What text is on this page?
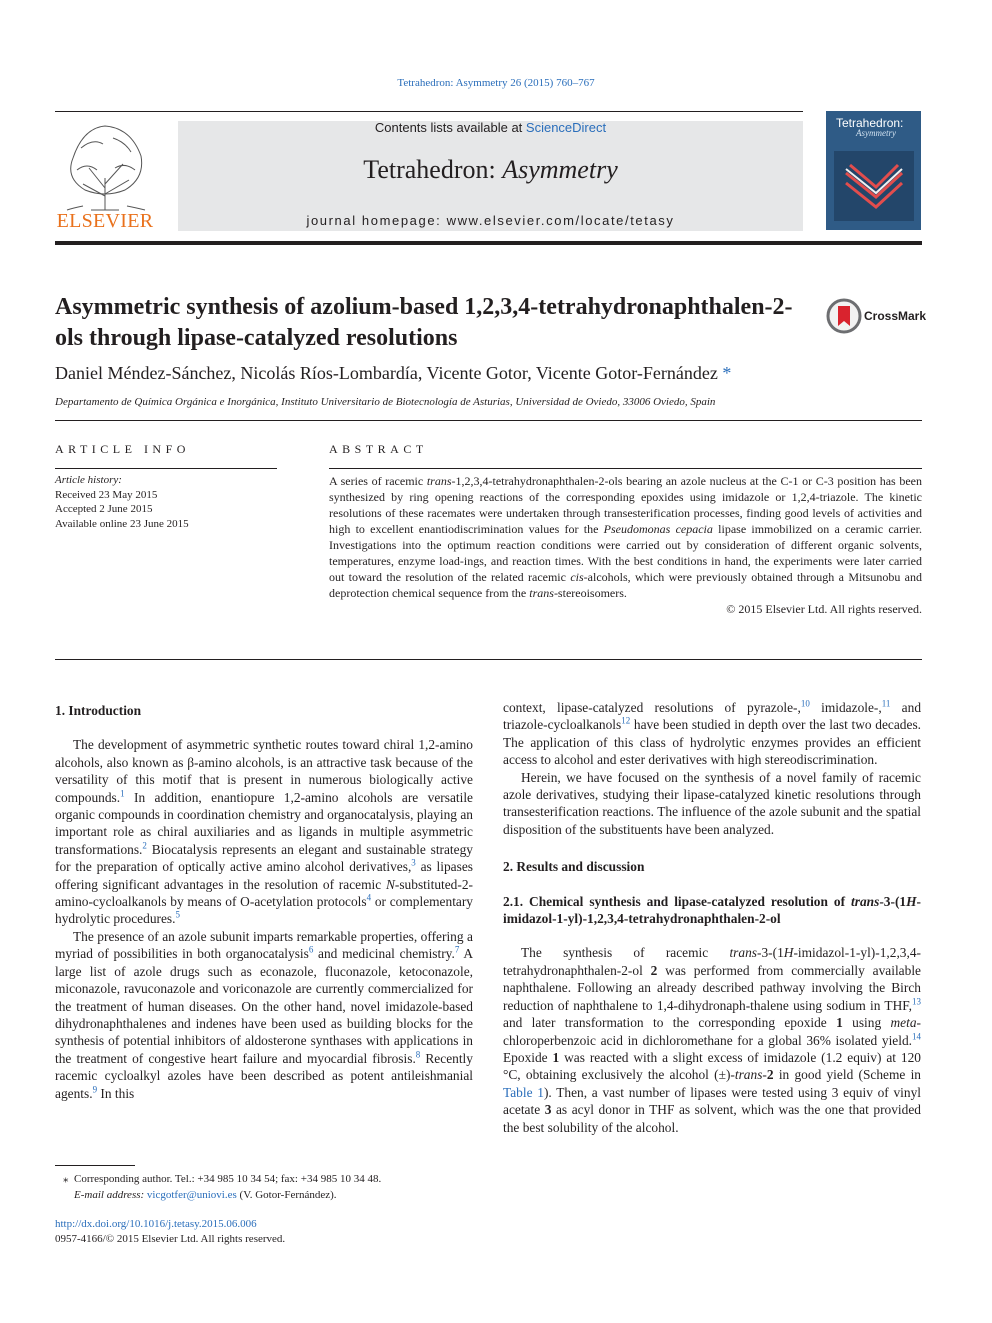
Tetrahedron: Asymmetry 26 (2015) 760–767
Contents lists available at ScienceDirect
Tetrahedron: Asymmetry
journal homepage: www.elsevier.com/locate/tetasy
ELSEVIER
Tetrahedron:
Asymmetry
Asymmetric synthesis of azolium-based 1,2,3,4-tetrahydronaphthalen-2-ols through lipase-catalyzed resolutions
CrossMark
Daniel Méndez-Sánchez, Nicolás Ríos-Lombardía, Vicente Gotor, Vicente Gotor-Fernández *
Departamento de Química Orgánica e Inorgánica, Instituto Universitario de Biotecnología de Asturias, Universidad de Oviedo, 33006 Oviedo, Spain
ARTICLE INFO	ABSTRACT
Article history:
Received 23 May 2015
Accepted 2 June 2015
Available online 23 June 2015
A series of racemic trans-1,2,3,4-tetrahydronaphthalen-2-ols bearing an azole nucleus at the C-1 or C-3 position has been synthesized by ring opening reactions of the corresponding epoxides using imidazole or 1,2,4-triazole. The kinetic resolutions of these racemates were undertaken through transesterification processes, finding good levels of activities and high to excellent enantiodiscrimination values for the Pseudomonas cepacia lipase immobilized on a ceramic carrier. Investigations into the optimum reaction conditions were carried out by consideration of different organic solvents, temperatures, enzyme load-ings, and reaction times. With the best conditions in hand, the experiments were later carried out toward the resolution of the related racemic cis-alcohols, which were previously obtained through a Mitsunobu and deprotection chemical sequence from the trans-stereoisomers.
© 2015 Elsevier Ltd. All rights reserved.
1. Introduction

The development of asymmetric synthetic routes toward chiral 1,2-amino alcohols, also known as β-amino alcohols, is an attractive task because of the versatility of this motif that is present in numerous biologically active compounds.$^1$ In addition, enantiopure 1,2-amino alcohols are versatile organic compounds in coordination chemistry and organocatalysis, playing an important role as chiral auxiliaries and as ligands in multiple asymmetric transformations.$^2$ Biocatalysis represents an elegant and sustainable strategy for the preparation of optically active amino alcohol derivatives,$^3$ as lipases offering significant advantages in the resolution of racemic N-substituted-2-amino-cycloalkanols by means of O-acetylation protocols$^4$ or complementary hydrolytic procedures.$^5$

The presence of an azole subunit imparts remarkable properties, offering a myriad of possibilities in both organocatalysis$^6$ and medicinal chemistry.$^7$ A large list of azole drugs such as econazole, fluconazole, ketoconazole, miconazole, ravuconazole and voriconazole are currently commercialized for the treatment of human diseases. On the other hand, novel imidazole-based dihydronaphthalenes and indenes have been used as building blocks for the synthesis of potential inhibitors of aldosterone synthases with applications in the treatment of congestive heart failure and myocardial fibrosis.$^8$ Recently racemic cycloalkyl azoles have been described as potent antileishmanial agents.$^9$ In this

context, lipase-catalyzed resolutions of pyrazole-,$^{10}$ imidazole-,$^{11}$ and triazole-cycloalkanols$^{12}$ have been studied in depth over the last two decades. The application of this class of hydrolytic enzymes provides an efficient access to alcohol and ester derivatives with high stereodiscrimination.

Herein, we have focused on the synthesis of a novel family of racemic azole derivatives, studying their lipase-catalyzed kinetic resolutions through transesterification reactions. The influence of the azole subunit and the spatial disposition of the substituents have been analyzed.

2. Results and discussion
2.1. Chemical synthesis and lipase-catalyzed resolution of trans-3-(1H-imidazol-1-yl)-1,2,3,4-tetrahydronaphthalen-2-ol

The synthesis of racemic trans-3-(1H-imidazol-1-yl)-1,2,3,4-tetrahydronaphthalen-2-ol 2 was performed from commercially available naphthalene. Following an already described pathway involving the Birch reduction of naphthalene to 1,4-dihydronaph-thalene using sodium in THF,$^{13}$ and later transformation to the corresponding epoxide 1 using meta-chloroperbenzoic acid in dichloromethane for a global 36% isolated yield.$^{14}$ Epoxide 1 was reacted with a slight excess of imidazole (1.2 equiv) at 120 °C, obtaining exclusively the alcohol (±)-trans-2 in good yield (Scheme in Table 1). Then, a vast number of lipases were tested using 3 equiv of vinyl acetate 3 as acyl donor in THF as solvent, which was the one that provided the best solubility of the alcohol.

⁎  Corresponding author. Tel.: +34 985 10 34 54; fax: +34 985 10 34 48.
E-mail address: vicgotfer@uniovi.es (V. Gotor-Fernández).
http://dx.doi.org/10.1016/j.tetasy.2015.06.006
0957-4166/© 2015 Elsevier Ltd. All rights reserved.
